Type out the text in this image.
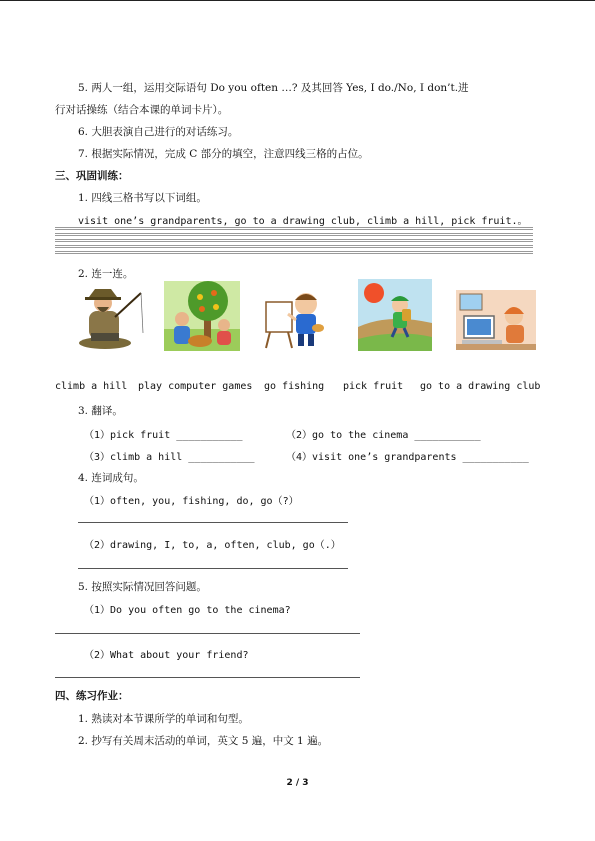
5. 两人一组，运用交际语句 Do you often …? 及其回答 Yes, I do./No, I don’t.进
行对话操练（结合本课的单词卡片）。
6. 大胆表演自己进行的对话练习。
7. 根据实际情况，完成 C 部分的填空，注意四线三格的占位。
三、巩固训练：
1. 四线三格书写以下词组。
visit one’s grandparents, go to a drawing club, climb a hill, pick fruit.。
2. 连一连。
climb a hill play computer games go fishing pick fruit go to a drawing club
3. 翻译。
（1）pick fruit ___________	（2）go to the cinema ___________
（3）climb a hill ___________	（4）visit one’s grandparents ___________
4. 连词成句。
（1）often, you, fishing, do, go（?）
（2）drawing, I, to, a, often, club, go（.）
5. 按照实际情况回答问题。
（1）Do you often go to the cinema?
（2）What about your friend?
四、练习作业：
1. 熟读对本节课所学的单词和句型。
2. 抄写有关周末活动的单词，英文 5 遍，中文 1 遍。
2 / 3
